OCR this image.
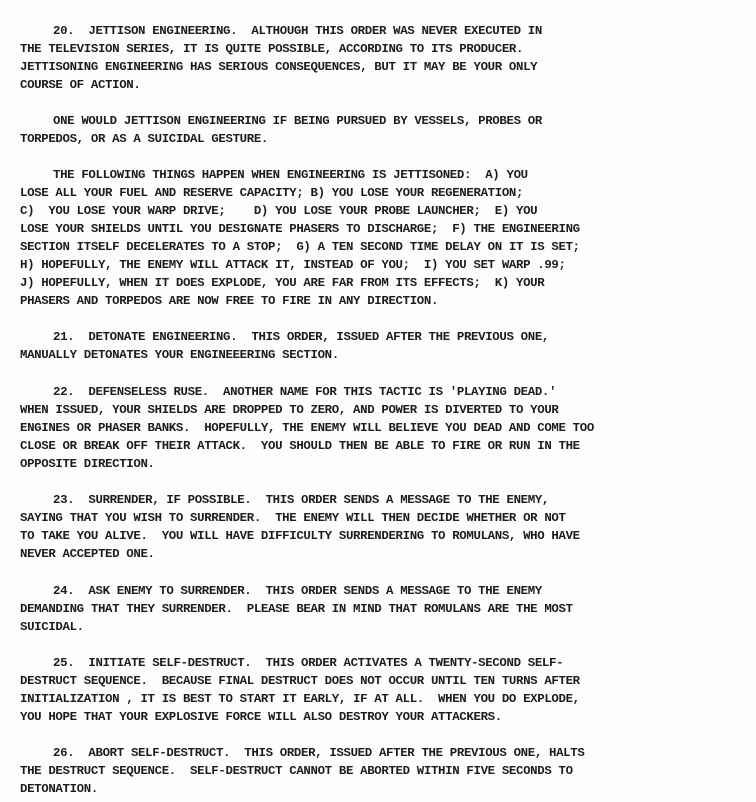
20.  JETTISON ENGINEERING.  ALTHOUGH THIS ORDER WAS NEVER EXECUTED IN
THE TELEVISION SERIES, IT IS QUITE POSSIBLE, ACCORDING TO ITS PRODUCER.
JETTISONING ENGINEERING HAS SERIOUS CONSEQUENCES, BUT IT MAY BE YOUR ONLY
COURSE OF ACTION.
ONE WOULD JETTISON ENGINEERING IF BEING PURSUED BY VESSELS, PROBES OR
TORPEDOS, OR AS A SUICIDAL GESTURE.
THE FOLLOWING THINGS HAPPEN WHEN ENGINEERING IS JETTISONED:  A) YOU
LOSE ALL YOUR FUEL AND RESERVE CAPACITY; B) YOU LOSE YOUR REGENERATION;
C)  YOU LOSE YOUR WARP DRIVE;    D) YOU LOSE YOUR PROBE LAUNCHER;  E) YOU
LOSE YOUR SHIELDS UNTIL YOU DESIGNATE PHASERS TO DISCHARGE;  F) THE ENGINEERING
SECTION ITSELF DECELERATES TO A STOP;  G) A TEN SECOND TIME DELAY ON IT IS SET;
H) HOPEFULLY, THE ENEMY WILL ATTACK IT, INSTEAD OF YOU;  I) YOU SET WARP .99;
J) HOPEFULLY, WHEN IT DOES EXPLODE, YOU ARE FAR FROM ITS EFFECTS;  K) YOUR
PHASERS AND TORPEDOS ARE NOW FREE TO FIRE IN ANY DIRECTION.
21.  DETONATE ENGINEERING.  THIS ORDER, ISSUED AFTER THE PREVIOUS ONE,
MANUALLY DETONATES YOUR ENGINEEERING SECTION.
22.  DEFENSELESS RUSE.  ANOTHER NAME FOR THIS TACTIC IS 'PLAYING DEAD.'
WHEN ISSUED, YOUR SHIELDS ARE DROPPED TO ZERO, AND POWER IS DIVERTED TO YOUR
ENGINES OR PHASER BANKS.  HOPEFULLY, THE ENEMY WILL BELIEVE YOU DEAD AND COME TOO
CLOSE OR BREAK OFF THEIR ATTACK.  YOU SHOULD THEN BE ABLE TO FIRE OR RUN IN THE
OPPOSITE DIRECTION.
23.  SURRENDER, IF POSSIBLE.  THIS ORDER SENDS A MESSAGE TO THE ENEMY,
SAYING THAT YOU WISH TO SURRENDER.  THE ENEMY WILL THEN DECIDE WHETHER OR NOT
TO TAKE YOU ALIVE.  YOU WILL HAVE DIFFICULTY SURRENDERING TO ROMULANS, WHO HAVE
NEVER ACCEPTED ONE.
24.  ASK ENEMY TO SURRENDER.  THIS ORDER SENDS A MESSAGE TO THE ENEMY
DEMANDING THAT THEY SURRENDER.  PLEASE BEAR IN MIND THAT ROMULANS ARE THE MOST
SUICIDAL.
25.  INITIATE SELF-DESTRUCT.  THIS ORDER ACTIVATES A TWENTY-SECOND SELF-
DESTRUCT SEQUENCE.  BECAUSE FINAL DESTRUCT DOES NOT OCCUR UNTIL TEN TURNS AFTER
INITIALIZATION , IT IS BEST TO START IT EARLY, IF AT ALL.  WHEN YOU DO EXPLODE,
YOU HOPE THAT YOUR EXPLOSIVE FORCE WILL ALSO DESTROY YOUR ATTACKERS.
26.  ABORT SELF-DESTRUCT.  THIS ORDER, ISSUED AFTER THE PREVIOUS ONE, HALTS
THE DESTRUCT SEQUENCE.  SELF-DESTRUCT CANNOT BE ABORTED WITHIN FIVE SECONDS TO
DETONATION.
